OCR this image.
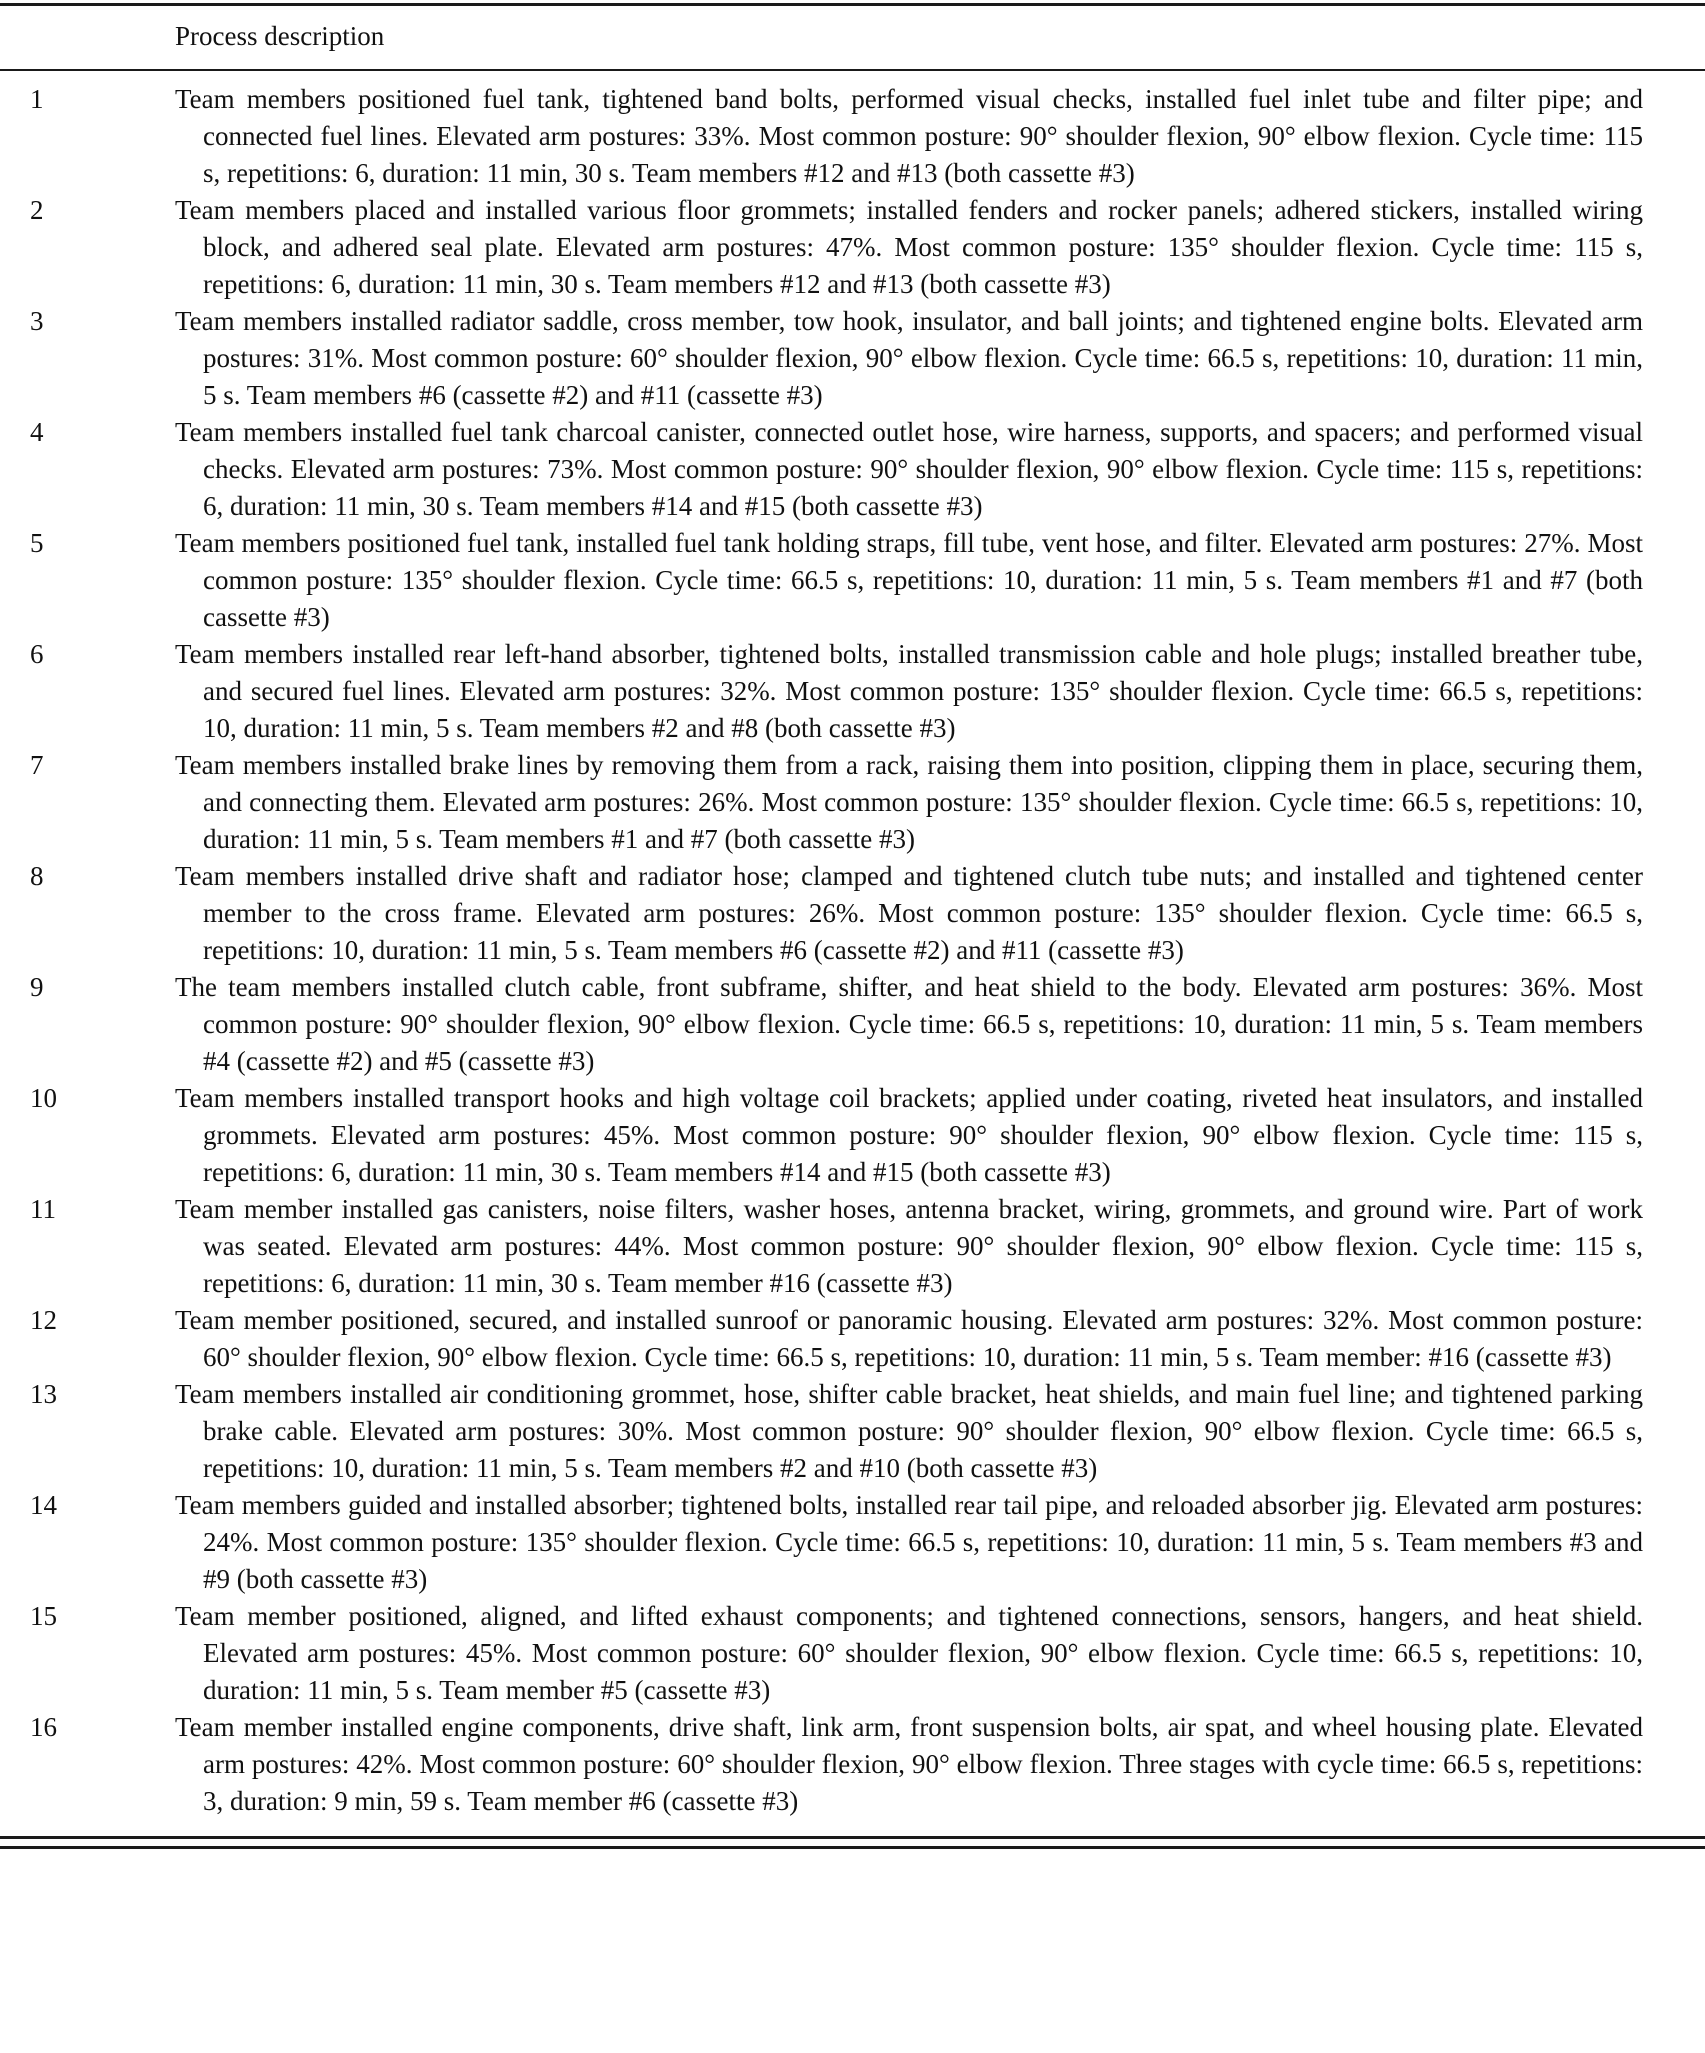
Process description
1	Team members positioned fuel tank, tightened band bolts, performed visual checks, installed fuel inlet tube and filter pipe; and connected fuel lines. Elevated arm postures: 33%. Most common posture: 90° shoulder flexion, 90° elbow flexion. Cycle time: 115 s, repetitions: 6, duration: 11 min, 30 s. Team members #12 and #13 (both cassette #3)
2	Team members placed and installed various floor grommets; installed fenders and rocker panels; adhered stickers, installed wiring block, and adhered seal plate. Elevated arm postures: 47%. Most common posture: 135° shoulder flexion. Cycle time: 115 s, repetitions: 6, duration: 11 min, 30 s. Team members #12 and #13 (both cassette #3)
3	Team members installed radiator saddle, cross member, tow hook, insulator, and ball joints; and tightened engine bolts. Elevated arm postures: 31%. Most common posture: 60° shoulder flexion, 90° elbow flexion. Cycle time: 66.5 s, repetitions: 10, duration: 11 min, 5 s. Team members #6 (cassette #2) and #11 (cassette #3)
4	Team members installed fuel tank charcoal canister, connected outlet hose, wire harness, supports, and spacers; and performed visual checks. Elevated arm postures: 73%. Most common posture: 90° shoulder flexion, 90° elbow flexion. Cycle time: 115 s, repetitions: 6, duration: 11 min, 30 s. Team members #14 and #15 (both cassette #3)
5	Team members positioned fuel tank, installed fuel tank holding straps, fill tube, vent hose, and filter. Elevated arm postures: 27%. Most common posture: 135° shoulder flexion. Cycle time: 66.5 s, repetitions: 10, duration: 11 min, 5 s. Team members #1 and #7 (both cassette #3)
6	Team members installed rear left-hand absorber, tightened bolts, installed transmission cable and hole plugs; installed breather tube, and secured fuel lines. Elevated arm postures: 32%. Most common posture: 135° shoulder flexion. Cycle time: 66.5 s, repetitions: 10, duration: 11 min, 5 s. Team members #2 and #8 (both cassette #3)
7	Team members installed brake lines by removing them from a rack, raising them into position, clipping them in place, securing them, and connecting them. Elevated arm postures: 26%. Most common posture: 135° shoulder flexion. Cycle time: 66.5 s, repetitions: 10, duration: 11 min, 5 s. Team members #1 and #7 (both cassette #3)
8	Team members installed drive shaft and radiator hose; clamped and tightened clutch tube nuts; and installed and tightened center member to the cross frame. Elevated arm postures: 26%. Most common posture: 135° shoulder flexion. Cycle time: 66.5 s, repetitions: 10, duration: 11 min, 5 s. Team members #6 (cassette #2) and #11 (cassette #3)
9	The team members installed clutch cable, front subframe, shifter, and heat shield to the body. Elevated arm postures: 36%. Most common posture: 90° shoulder flexion, 90° elbow flexion. Cycle time: 66.5 s, repetitions: 10, duration: 11 min, 5 s. Team members #4 (cassette #2) and #5 (cassette #3)
10	Team members installed transport hooks and high voltage coil brackets; applied under coating, riveted heat insulators, and installed grommets. Elevated arm postures: 45%. Most common posture: 90° shoulder flexion, 90° elbow flexion. Cycle time: 115 s, repetitions: 6, duration: 11 min, 30 s. Team members #14 and #15 (both cassette #3)
11	Team member installed gas canisters, noise filters, washer hoses, antenna bracket, wiring, grommets, and ground wire. Part of work was seated. Elevated arm postures: 44%. Most common posture: 90° shoulder flexion, 90° elbow flexion. Cycle time: 115 s, repetitions: 6, duration: 11 min, 30 s. Team member #16 (cassette #3)
12	Team member positioned, secured, and installed sunroof or panoramic housing. Elevated arm postures: 32%. Most common posture: 60° shoulder flexion, 90° elbow flexion. Cycle time: 66.5 s, repetitions: 10, duration: 11 min, 5 s. Team member: #16 (cassette #3)
13	Team members installed air conditioning grommet, hose, shifter cable bracket, heat shields, and main fuel line; and tightened parking brake cable. Elevated arm postures: 30%. Most common posture: 90° shoulder flexion, 90° elbow flexion. Cycle time: 66.5 s, repetitions: 10, duration: 11 min, 5 s. Team members #2 and #10 (both cassette #3)
14	Team members guided and installed absorber; tightened bolts, installed rear tail pipe, and reloaded absorber jig. Elevated arm postures: 24%. Most common posture: 135° shoulder flexion. Cycle time: 66.5 s, repetitions: 10, duration: 11 min, 5 s. Team members #3 and #9 (both cassette #3)
15	Team member positioned, aligned, and lifted exhaust components; and tightened connections, sensors, hangers, and heat shield. Elevated arm postures: 45%. Most common posture: 60° shoulder flexion, 90° elbow flexion. Cycle time: 66.5 s, repetitions: 10, duration: 11 min, 5 s. Team member #5 (cassette #3)
16	Team member installed engine components, drive shaft, link arm, front suspension bolts, air spat, and wheel housing plate. Elevated arm postures: 42%. Most common posture: 60° shoulder flexion, 90° elbow flexion. Three stages with cycle time: 66.5 s, repetitions: 3, duration: 9 min, 59 s. Team member #6 (cassette #3)
